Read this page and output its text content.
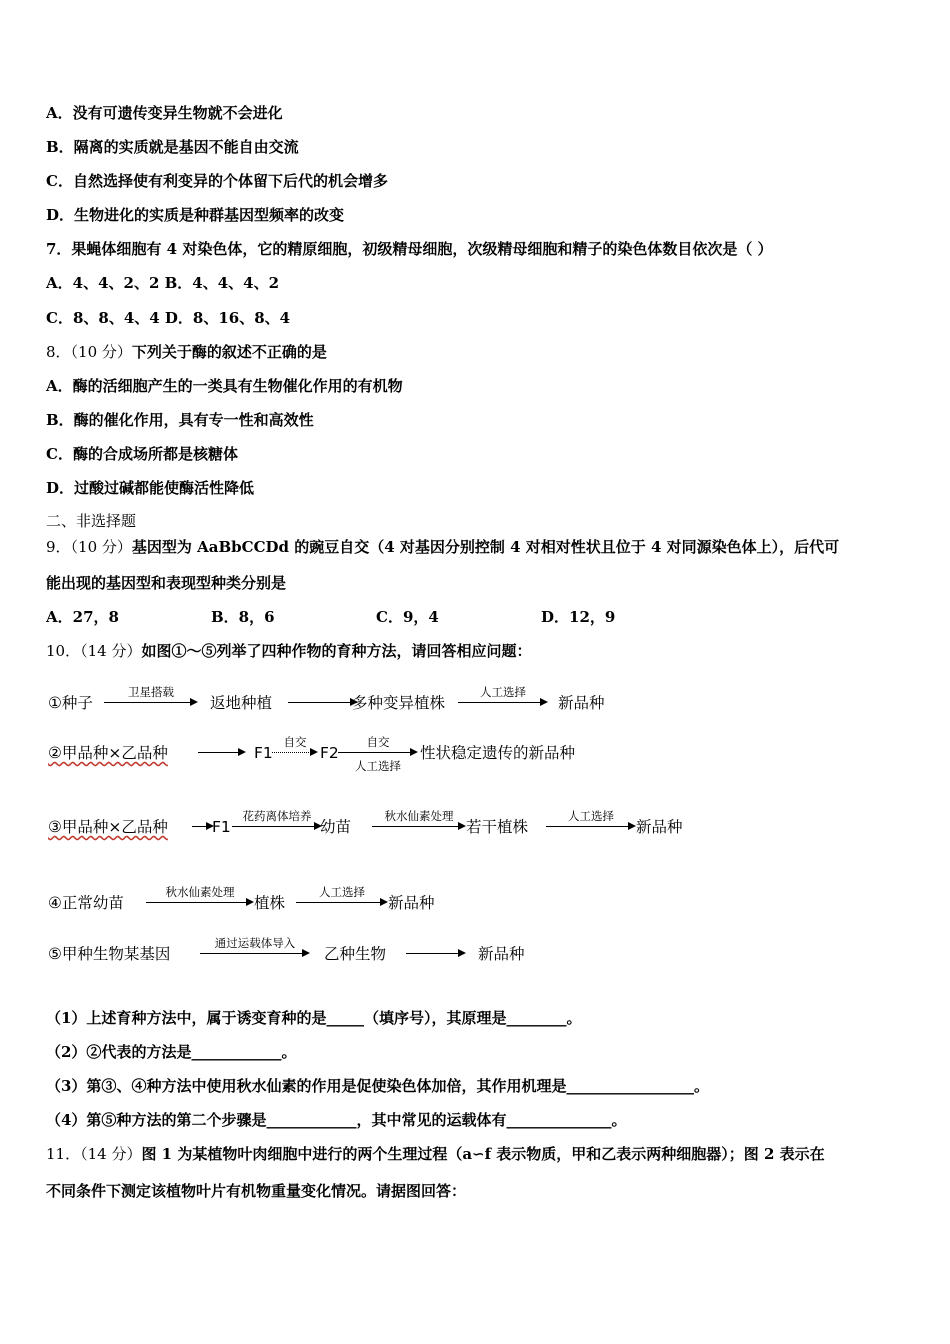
A．没有可遗传变异生物就不会进化
B．隔离的实质就是基因不能自由交流
C．自然选择使有利变异的个体留下后代的机会增多
D．生物进化的实质是种群基因型频率的改变
7．果蝇体细胞有 4 对染色体，它的精原细胞，初级精母细胞，次级精母细胞和精子的染色体数目依次是（ ）
A．4、4、2、2 B．4、4、4、2
C．8、8、4、4 D．8、16、8、4
8．（10 分）下列关于酶的叙述不正确的是
A．酶的活细胞产生的一类具有生物催化作用的有机物
B．酶的催化作用，具有专一性和高效性
C．酶的合成场所都是核糖体
D．过酸过碱都能使酶活性降低
二、非选择题
9．（10 分）基因型为 AaBbCCDd 的豌豆自交（4 对基因分别控制 4 对相对性状且位于 4 对同源染色体上），后代可
能出现的基因型和表现型种类分别是
A．27，8	B．8，6	C．9，4	D．12，9
10．（14 分）如图①～⑤列举了四种作物的育种方法，请回答相应问题：
①种子
卫星搭载
返地种植	多种变异植株
人工选择
新品种
②甲品种×乙品种	F1
自交
F2
自交
人工选择
性状稳定遗传的新品种
③甲品种×乙品种	F1
花药离体培养
幼苗
秋水仙素处理
若干植株
人工选择
新品种
④正常幼苗
秋水仙素处理
植株
人工选择
新品种
⑤甲种生物某基因
通过运载体导入
乙种生物	新品种
（1）上述育种方法中，属于诱变育种的是_____（填序号），其原理是________。
（2）②代表的方法是____________。
（3）第③、④种方法中使用秋水仙素的作用是促使染色体加倍，其作用机理是_________________。
（4）第⑤种方法的第二个步骤是____________，其中常见的运载体有______________。
11．（14 分）图 1 为某植物叶肉细胞中进行的两个生理过程（a∽f 表示物质，甲和乙表示两种细胞器）；图 2 表示在
不同条件下测定该植物叶片有机物重量变化情况。请据图回答：
